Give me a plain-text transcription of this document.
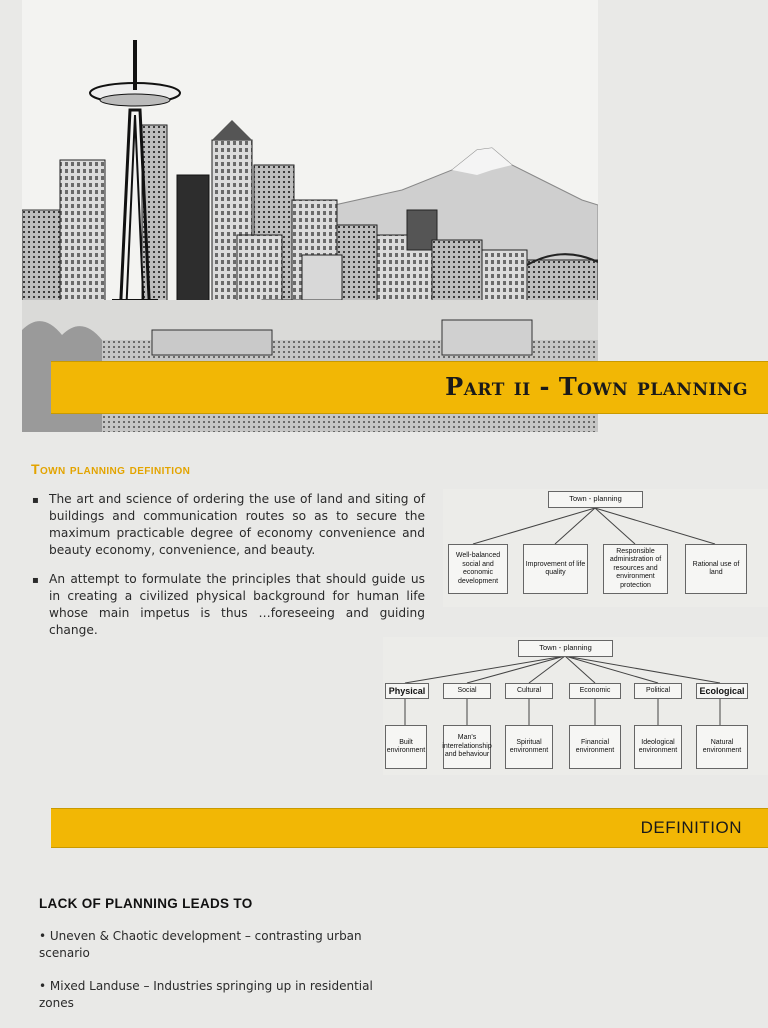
Part ii - Town planning
Town planning definition
▪ The art and science of ordering the use of land and siting of buildings and communication routes so as to secure the maximum practicable degree of economy convenience and beauty economy, convenience, and beauty.
▪ An attempt to formulate the principles that should guide us in creating a civilized physical background for human life whose main impetus is thus …foreseeing and guiding change.
Town - planning
Well-balanced social and economic development
Improvement of life quality
Responsible administration of resources and environment protection
Rational use of land
Town - planning
Physical	Social	Cultural	Economic	Political	Ecological
Built environment
Man's interrelationship and behaviour
Spiritual environment
Financial environment
Ideological environment
Natural environment
DEFINITION
LACK OF PLANNING LEADS TO
• Uneven & Chaotic development – contrasting urban scenario
• Mixed Landuse – Industries springing up in residential zones
